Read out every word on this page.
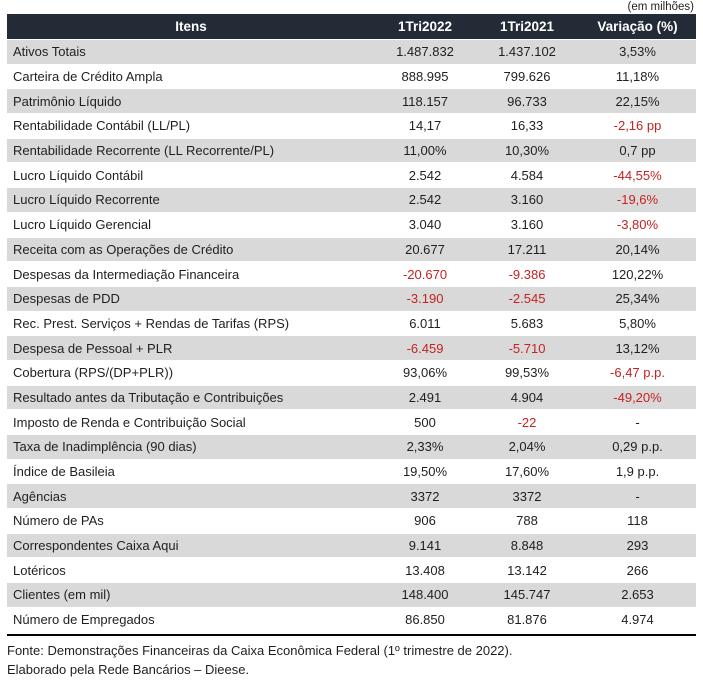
(em milhões)
Itens	1Tri2022	1Tri2021	Variação (%)
Ativos Totais	1.487.832	1.437.102	3,53%
Carteira de Crédito Ampla	888.995	799.626	11,18%
Patrimônio Líquido	118.157	96.733	22,15%
Rentabilidade Contábil (LL/PL)	14,17	16,33	-2,16 pp
Rentabilidade Recorrente (LL Recorrente/PL)	11,00%	10,30%	0,7 pp
Lucro Líquido Contábil	2.542	4.584	-44,55%
Lucro Líquido Recorrente	2.542	3.160	-19,6%
Lucro Líquido Gerencial	3.040	3.160	-3,80%
Receita com as Operações de Crédito	20.677	17.211	20,14%
Despesas da Intermediação Financeira	-20.670	-9.386	120,22%
Despesas de PDD	-3.190	-2.545	25,34%
Rec. Prest. Serviços + Rendas de Tarifas (RPS)	6.011	5.683	5,80%
Despesa de Pessoal + PLR	-6.459	-5.710	13,12%
Cobertura (RPS/(DP+PLR))	93,06%	99,53%	-6,47 p.p.
Resultado antes da Tributação e Contribuições	2.491	4.904	-49,20%
Imposto de Renda e Contribuição Social	500	-22	-
Taxa de Inadimplência (90 dias)	2,33%	2,04%	0,29 p.p.
Índice de Basileia	19,50%	17,60%	1,9 p.p.
Agências	3372	3372	-
Número de PAs	906	788	118
Correspondentes Caixa Aqui	9.141	8.848	293
Lotéricos	13.408	13.142	266
Clientes (em mil)	148.400	145.747	2.653
Número de Empregados	86.850	81.876	4.974
Fonte: Demonstrações Financeiras da Caixa Econômica Federal (1º trimestre de 2022).
Elaborado pela Rede Bancários – Dieese.
